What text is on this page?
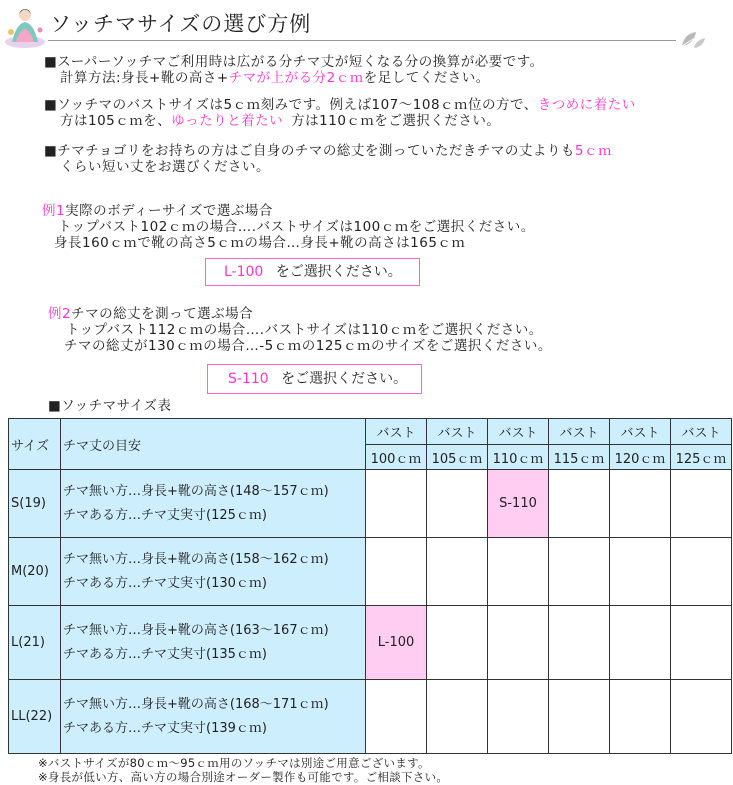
ソッチマサイズの選び方例
■スーパーソッチマご利用時は広がる分チマ丈が短くなる分の換算が必要です。
計算方法:身長+靴の高さ+チマが上がる分2ｃｍを足してください。
■ソッチマのバストサイズは5ｃｍ刻みです。例えば107～108ｃｍ位の方で、きつめに着たい
方は105ｃｍを、ゆったりと着たい 方は110ｃｍをご選択ください。
■チマチョゴリをお持ちの方はご自身のチマの総丈を測っていただきチマの丈よりも5ｃｍ
くらい短い丈をお選びください。
例1実際のボディーサイズで選ぶ場合
トップバスト102ｃｍの場合….バストサイズは100ｃｍをご選択ください。
身長160ｃｍで靴の高さ5ｃｍの場合…身長+靴の高さは165ｃｍ
L-100 をご選択ください。
例2チマの総丈を測って選ぶ場合
トップバスト112ｃｍの場合….バストサイズは110ｃｍをご選択ください。
チマの総丈が130ｃｍの場合…-5ｃｍの125ｃｍのサイズをご選択ください。
S-110 をご選択ください。
■ソッチマサイズ表
サイズ	チマ丈の目安	バスト	バスト	バスト	バスト	バスト	バスト
		100ｃｍ	105ｃｍ	110ｃｍ	115ｃｍ	120ｃｍ	125ｃｍ
S(19)	チマ無い方…身長+靴の高さ(148～157ｃｍ)
チマある方…チマ丈実寸(125ｃｍ)			S-110			
M(20)	チマ無い方…身長+靴の高さ(158～162ｃｍ)
チマある方…チマ丈実寸(130ｃｍ)						

L(21)	チマ無い方…身長+靴の高さ(163～167ｃｍ)
チマある方…チマ丈実寸(135ｃｍ)	L-100					
LL(22)	チマ無い方…身長+靴の高さ(168～171ｃｍ)
チマある方…チマ丈実寸(139ｃｍ)						

※バストサイズが80ｃｍ～95ｃｍ用のソッチマは別途ご用意ございます。
※身長が低い方、高い方の場合別途オーダー製作も可能です。ご相談下さい。
